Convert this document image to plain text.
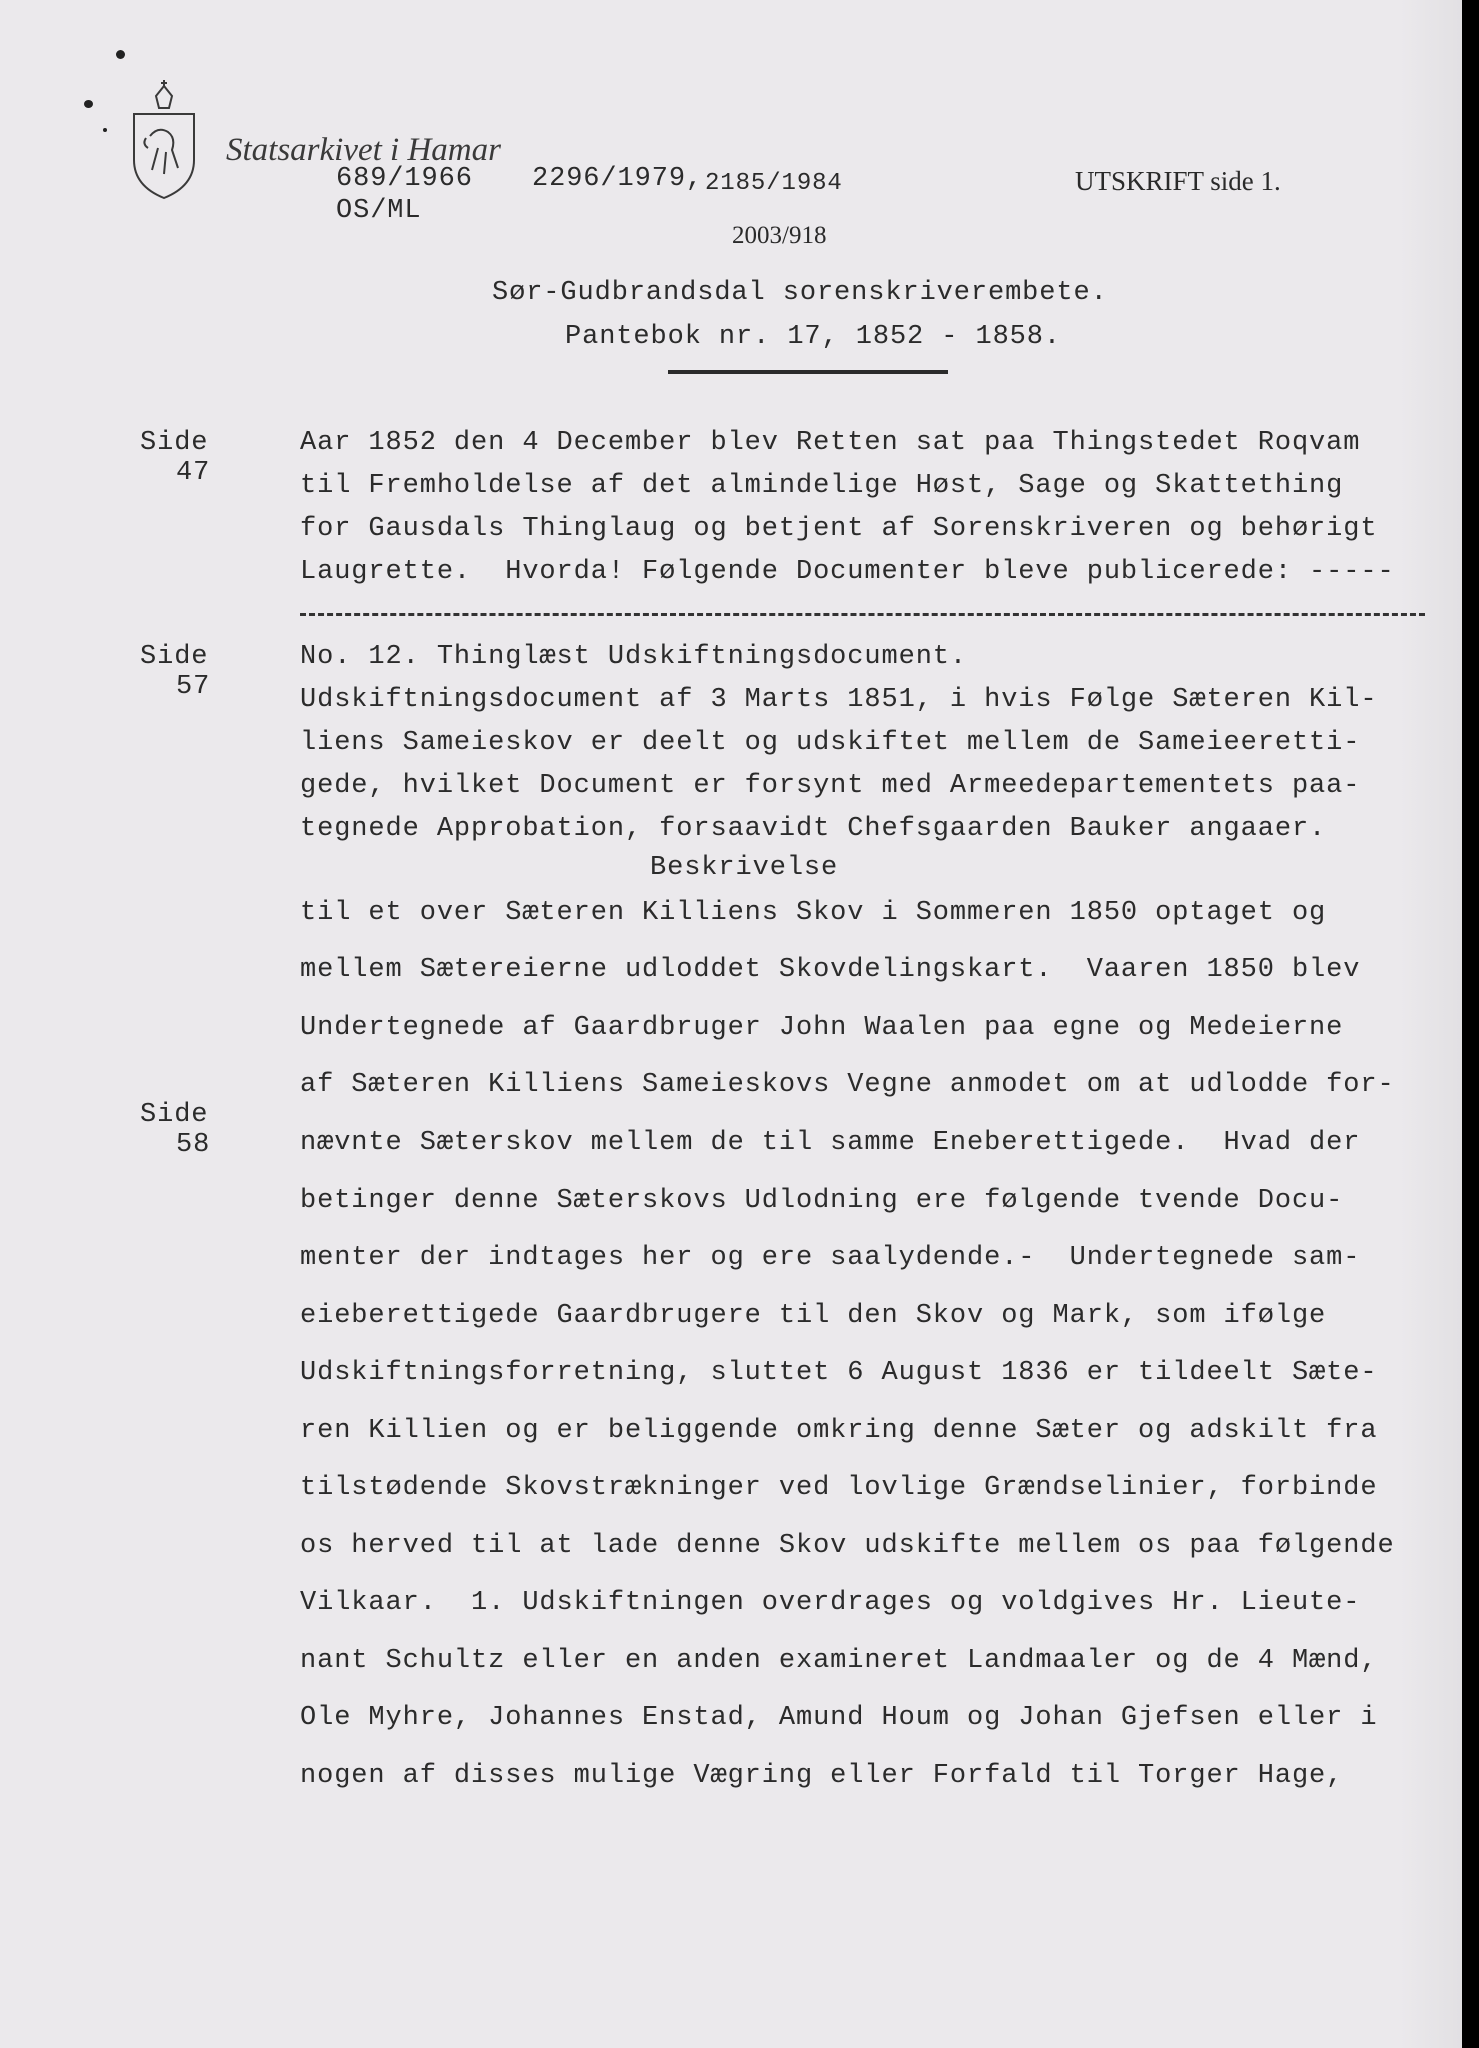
Statsarkivet i Hamar
689/1966 2296/1979, 2185/1984
OS/ML
UTSKRIFT side 1.
2003/918
Sør-Gudbrandsdal sorenskriverembete.
Pantebok nr. 17, 1852 - 1858.
Side
47
Side
57
Side
58
Aar 1852 den 4 December blev Retten sat paa Thingstedet Roqvam
til Fremholdelse af det almindelige Høst, Sage og Skattething
for Gausdals Thinglaug og betjent af Sorenskriveren og behørigt
Laugrette.  Hvorda! Følgende Documenter bleve publicerede: -----
No. 12. Thinglæst Udskiftningsdocument.
Udskiftningsdocument af 3 Marts 1851, i hvis Følge Sæteren Kil-
liens Sameieskov er deelt og udskiftet mellem de Sameieeretti-
gede, hvilket Document er forsynt med Armeedepartementets paa-
tegnede Approbation, forsaavidt Chefsgaarden Bauker angaaer.
Beskrivelse
til et over Sæteren Killiens Skov i Sommeren 1850 optaget og
mellem Sætereierne udloddet Skovdelingskart.  Vaaren 1850 blev
Undertegnede af Gaardbruger John Waalen paa egne og Medeierne
af Sæteren Killiens Sameieskovs Vegne anmodet om at udlodde for-
nævnte Sæterskov mellem de til samme Eneberettigede.  Hvad der
betinger denne Sæterskovs Udlodning ere følgende tvende Docu-
menter der indtages her og ere saalydende.-  Undertegnede sam-
eieberettigede Gaardbrugere til den Skov og Mark, som ifølge
Udskiftningsforretning, sluttet 6 August 1836 er tildeelt Sæte-
ren Killien og er beliggende omkring denne Sæter og adskilt fra
tilstødende Skovstrækninger ved lovlige Grændselinier, forbinde
os herved til at lade denne Skov udskifte mellem os paa følgende
Vilkaar.  1. Udskiftningen overdrages og voldgives Hr. Lieute-
nant Schultz eller en anden examineret Landmaaler og de 4 Mænd,
Ole Myhre, Johannes Enstad, Amund Houm og Johan Gjefsen eller i
nogen af disses mulige Vægring eller Forfald til Torger Hage,
